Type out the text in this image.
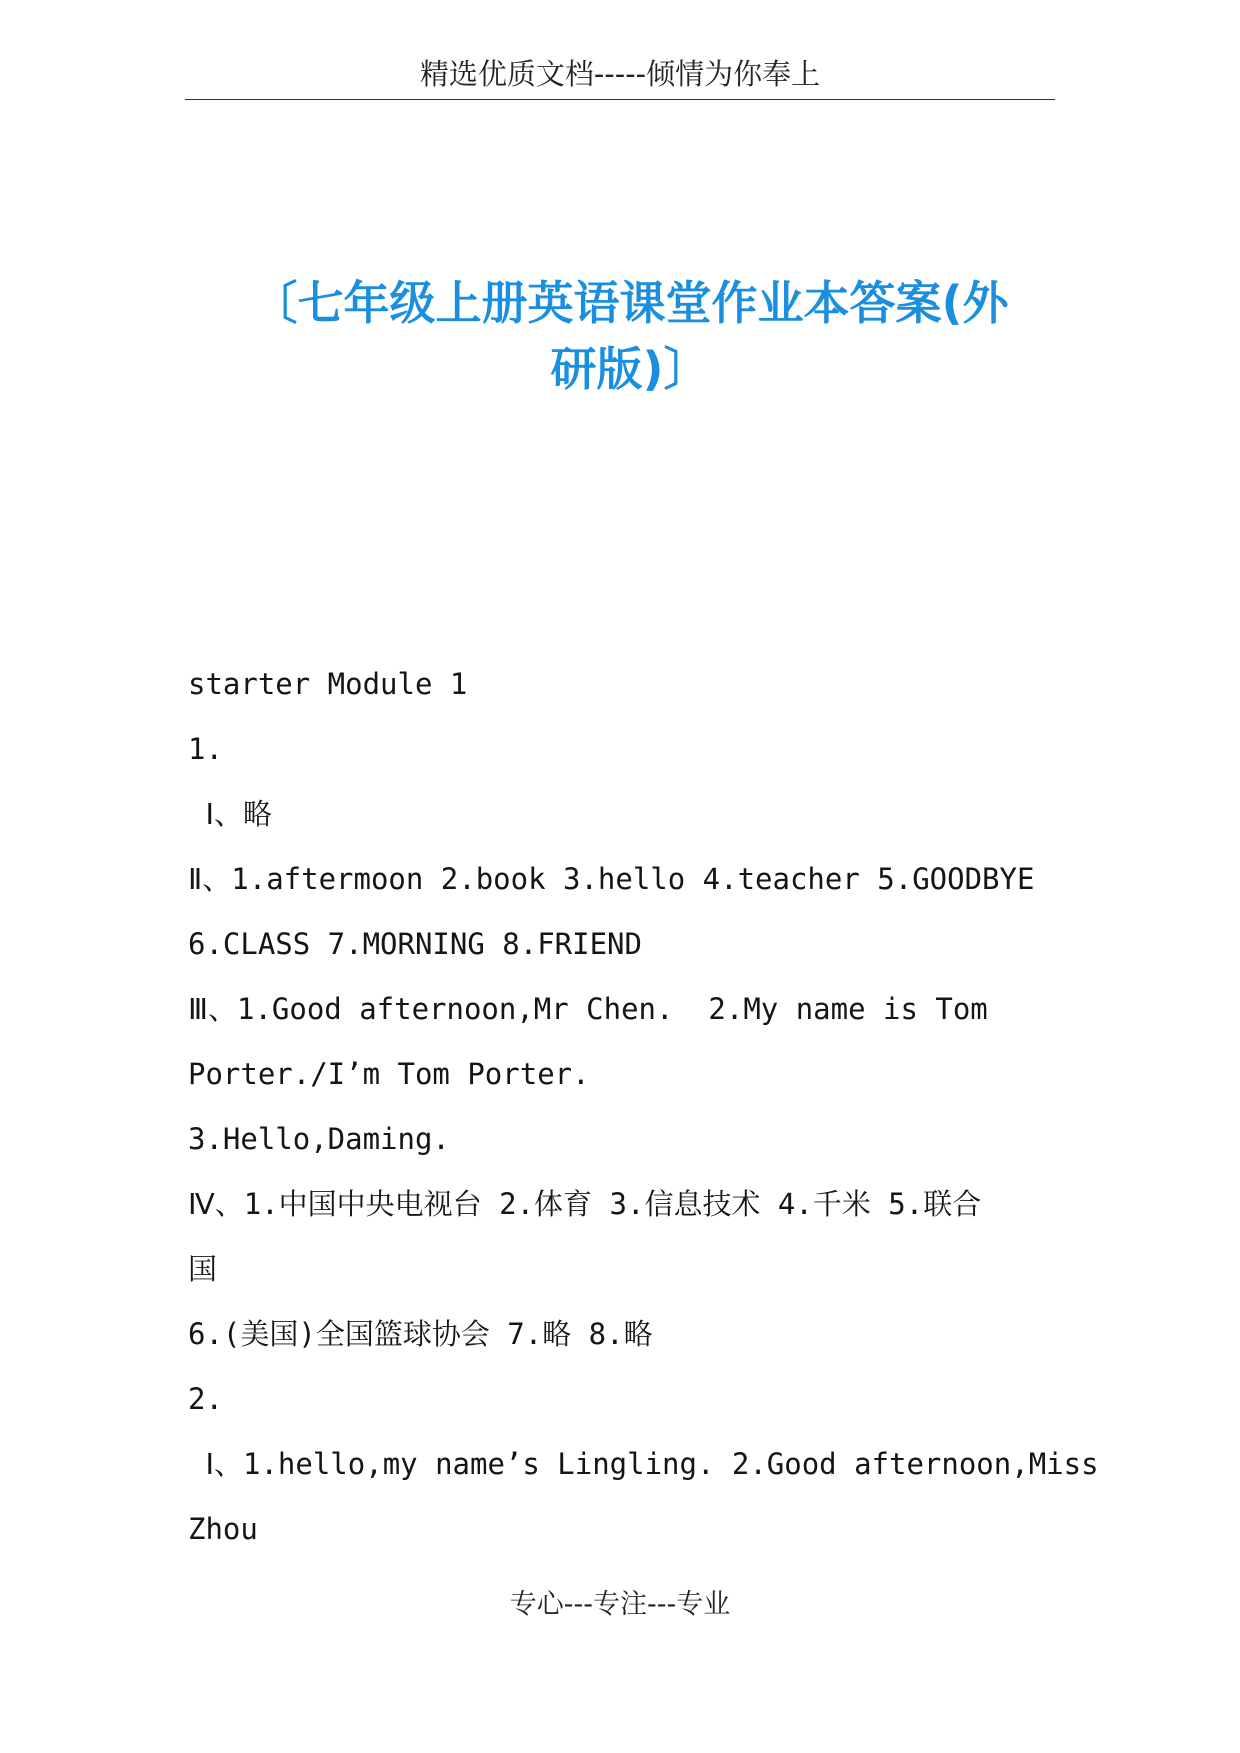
精选优质文档-----倾情为你奉上
〔七年级上册英语课堂作业本答案(外
研版)〕
starter Module 1
1.
Ⅰ、略
Ⅱ、1.aftermoon 2.book 3.hello 4.teacher 5.GOODBYE
6.CLASS 7.MORNING 8.FRIEND
Ⅲ、1.Good afternoon,Mr Chen.  2.My name is Tom
Porter./I’m Tom Porter.
3.Hello,Daming.
Ⅳ、1.中国中央电视台 2.体育 3.信息技术 4.千米 5.联合
国
6.(美国)全国篮球协会 7.略 8.略
2.
Ⅰ、1.hello,my name’s Lingling. 2.Good afternoon,Miss
Zhou
专心---专注---专业
